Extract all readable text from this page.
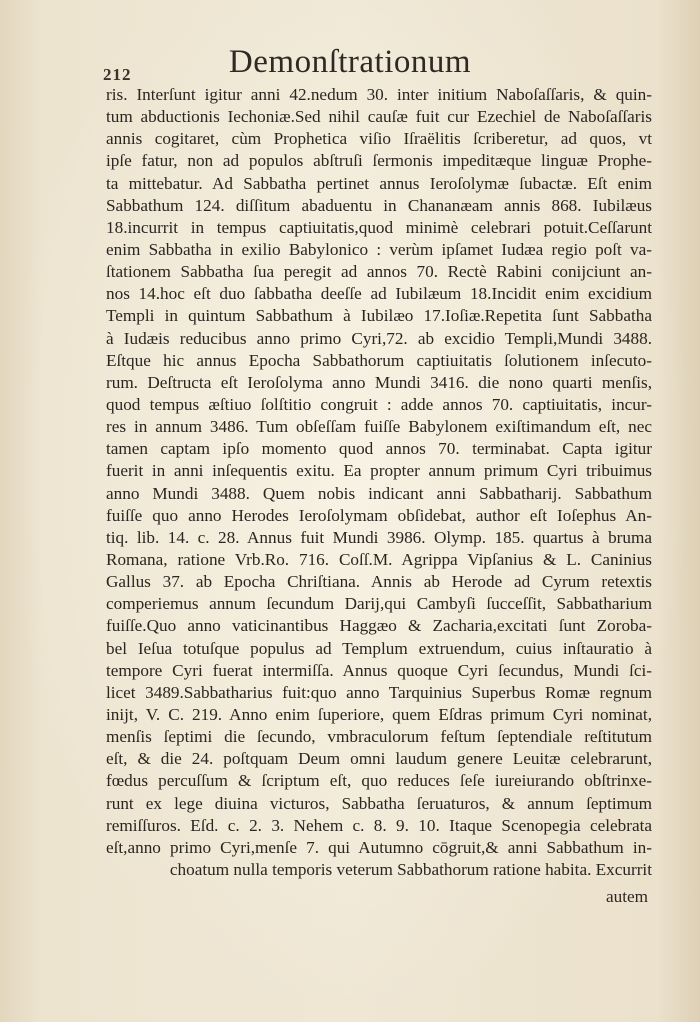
212	Demonſtrationum
ris. Interſunt igitur anni 42.nedum 30. inter initium Naboſaſſaris, & quin-
tum abductionis Iechoniæ.Sed nihil cauſæ fuit cur Ezechiel de Naboſaſſaris
annis cogitaret, cùm Prophetica viſio Iſraëlitis ſcriberetur, ad quos, vt
ipſe fatur, non ad populos abſtruſi ſermonis impeditæque linguæ Prophe-
ta mittebatur. Ad Sabbatha pertinet annus Ieroſolymæ ſubactæ. Eſt enim
Sabbathum 124. diſſitum abaduentu in Chananæam annis 868. Iubilæus
18.incurrit in tempus captiuitatis,quod minimè celebrari potuit.Ceſſarunt
enim Sabbatha in exilio Babylonico : verùm ipſamet Iudæa regio poſt va-
ſtationem Sabbatha ſua peregit ad annos 70. Rectè Rabini conijciunt an-
nos 14.hoc eſt duo ſabbatha deeſſe ad Iubilæum 18.Incidit enim excidium
Templi in quintum Sabbathum à Iubilæo 17.Ioſiæ.Repetita ſunt Sabbatha
à Iudæis reducibus anno primo Cyri,72. ab excidio Templi,Mundi 3488.
Eſtque hic annus Epocha Sabbathorum captiuitatis ſolutionem inſecuto-
rum. Deſtructa eſt Ieroſolyma anno Mundi 3416. die nono quarti menſis,
quod tempus æſtiuo ſolſtitio congruit : adde annos 70. captiuitatis, incur-
res in annum 3486. Tum obſeſſam fuiſſe Babylonem exiſtimandum eſt, nec
tamen captam ipſo momento quod annos 70. terminabat. Capta igitur
fuerit in anni inſequentis exitu. Ea propter annum primum Cyri tribuimus
anno Mundi 3488. Quem nobis indicant anni Sabbatharij. Sabbathum
fuiſſe quo anno Herodes Ieroſolymam obſidebat, author eſt Ioſephus An-
tiq. lib. 14. c. 28. Annus fuit Mundi 3986. Olymp. 185. quartus à bruma
Romana, ratione Vrb.Ro. 716. Coſſ.M. Agrippa Vipſanius & L. Caninius
Gallus 37. ab Epocha Chriſtiana. Annis ab Herode ad Cyrum retextis
comperiemus annum ſecundum Darij,qui Cambyſi ſucceſſit, Sabbatharium
fuiſſe.Quo anno vaticinantibus Haggæo & Zacharia,excitati ſunt Zoroba-
bel Ieſua totuſque populus ad Templum extruendum, cuius inſtauratio à
tempore Cyri fuerat intermiſſa. Annus quoque Cyri ſecundus, Mundi ſci-
licet 3489.Sabbatharius fuit:quo anno Tarquinius Superbus Romæ regnum
inijt, V. C. 219. Anno enim ſuperiore, quem Eſdras primum Cyri nominat,
menſis ſeptimi die ſecundo, vmbraculorum feſtum ſeptendiale reſtitutum
eſt, & die 24. poſtquam Deum omni laudum genere Leuitæ celebrarunt,
fœdus percuſſum & ſcriptum eſt, quo reduces ſeſe iureiurando obſtrinxe-
runt ex lege diuina victuros, Sabbatha ſeruaturos, & annum ſeptimum
remiſſuros. Eſd. c. 2. 3. Nehem c. 8. 9. 10. Itaque Scenopegia celebrata
eſt,anno primo Cyri,menſe 7. qui Autumno cōgruit,& anni Sabbathum in-
choatum nulla temporis veterum Sabbathorum ratione habita. Excurrit
autem
